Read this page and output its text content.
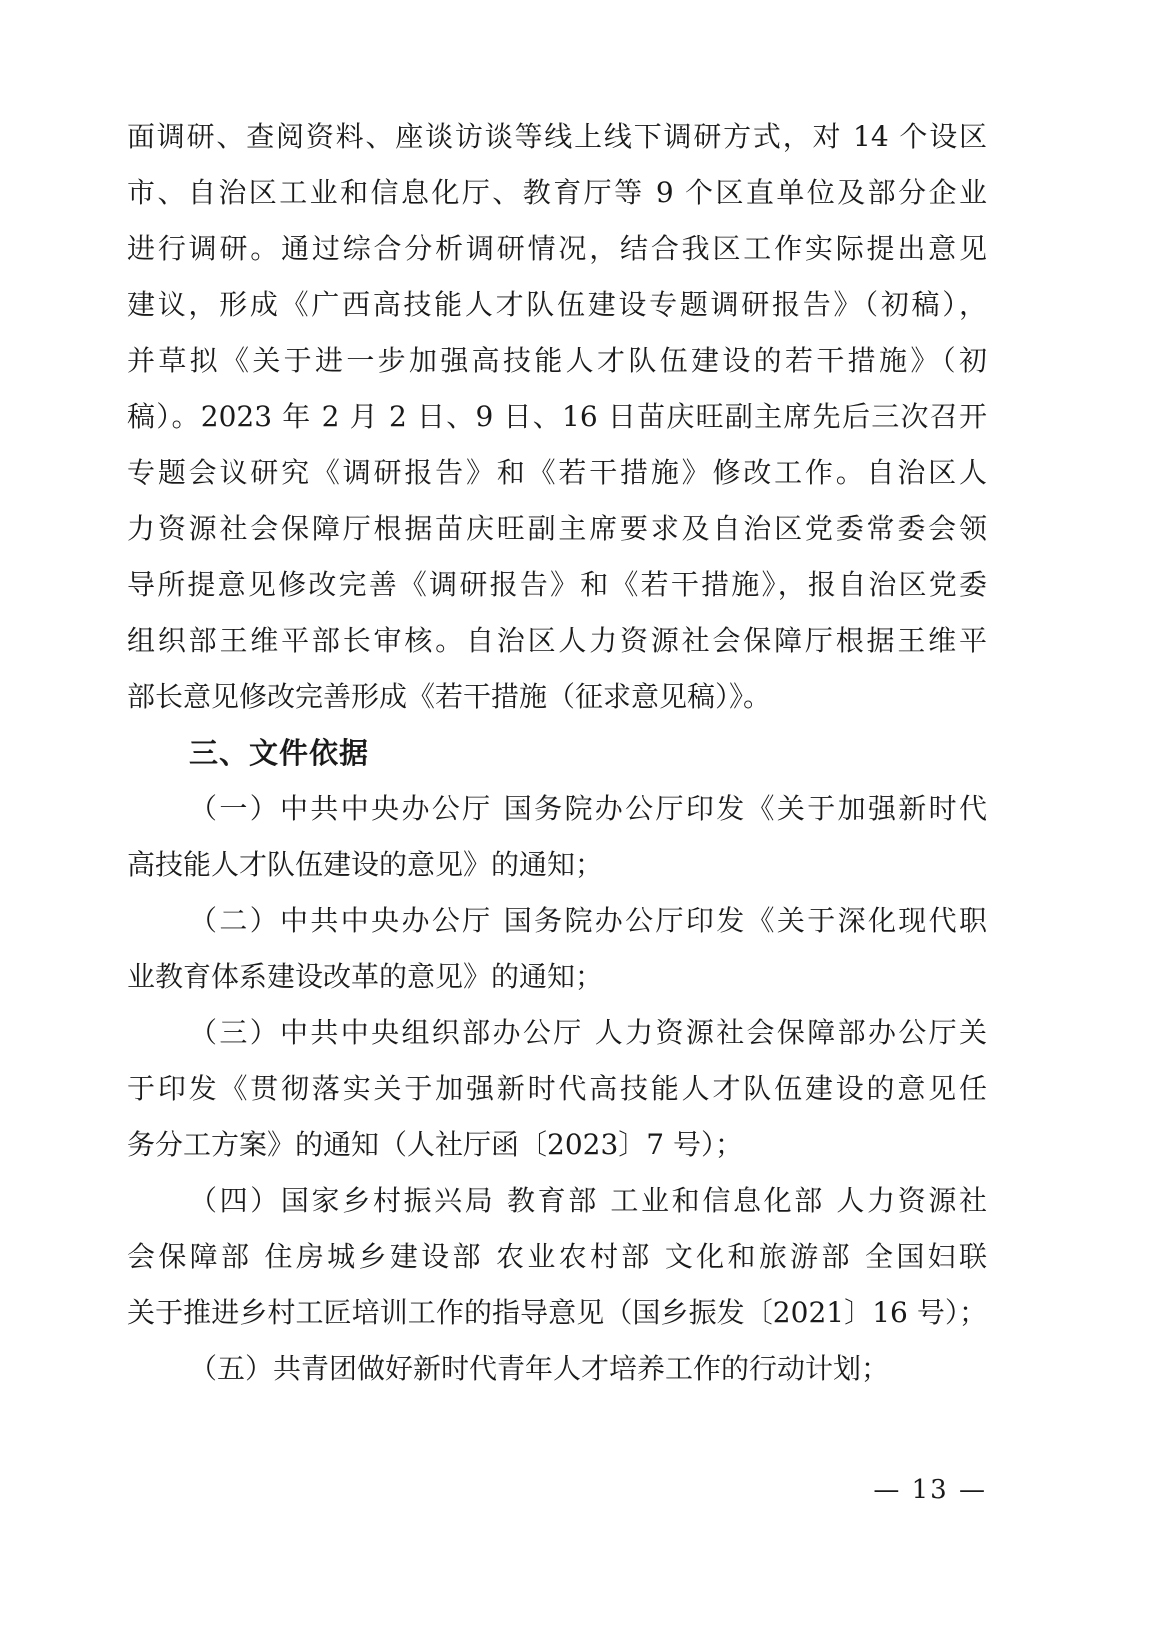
面调研、查阅资料、座谈访谈等线上线下调研方式，对 14 个设区
市、自治区工业和信息化厅、教育厅等 9 个区直单位及部分企业
进行调研。通过综合分析调研情况，结合我区工作实际提出意见
建议，形成《广西高技能人才队伍建设专题调研报告》（初稿），
并草拟《关于进一步加强高技能人才队伍建设的若干措施》（初
稿）。2023 年 2 月 2 日、9 日、16 日苗庆旺副主席先后三次召开
专题会议研究《调研报告》和《若干措施》修改工作。自治区人
力资源社会保障厅根据苗庆旺副主席要求及自治区党委常委会领
导所提意见修改完善《调研报告》和《若干措施》，报自治区党委
组织部王维平部长审核。自治区人力资源社会保障厅根据王维平
部长意见修改完善形成《若干措施（征求意见稿）》。
三、文件依据
（一）中共中央办公厅 国务院办公厅印发《关于加强新时代
高技能人才队伍建设的意见》的通知；
（二）中共中央办公厅 国务院办公厅印发《关于深化现代职
业教育体系建设改革的意见》的通知；
（三）中共中央组织部办公厅 人力资源社会保障部办公厅关
于印发《贯彻落实关于加强新时代高技能人才队伍建设的意见任
务分工方案》的通知（人社厅函〔2023〕7 号）；
（四）国家乡村振兴局 教育部 工业和信息化部 人力资源社
会保障部 住房城乡建设部 农业农村部 文化和旅游部 全国妇联
关于推进乡村工匠培训工作的指导意见（国乡振发〔2021〕16 号）；
（五）共青团做好新时代青年人才培养工作的行动计划；
— 13 —
